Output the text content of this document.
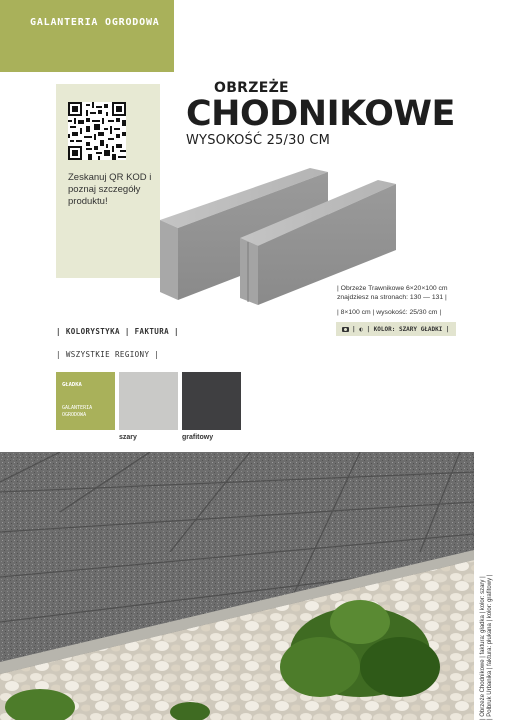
GALANTERIA OGRODOWA
Zeskanuj QR KOD i poznaj szczegóły produktu!
OBRZEŻE
CHODNIKOWE
WYSOKOŚĆ 25/30 CM
| Obrzeże Trawnikowe 6×20×100 cm
znajdziesz na stronach: 130 — 131 |
| 8×100 cm | wysokość: 25/30 cm |
| ◐ | KOLOR: SZARY GŁADKI |
| KOLORYSTYKA | FAKTURA |
| WSZYSTKIE REGIONY |
GŁADKA
GALANTERIA OGRODOWA
szary	grafitowy
| Obrzeże Chodnikowe | faktura: gładka | kolor: szary | | Polbruk Urbanika | faktura: płukana | kolor: grafitowy |
